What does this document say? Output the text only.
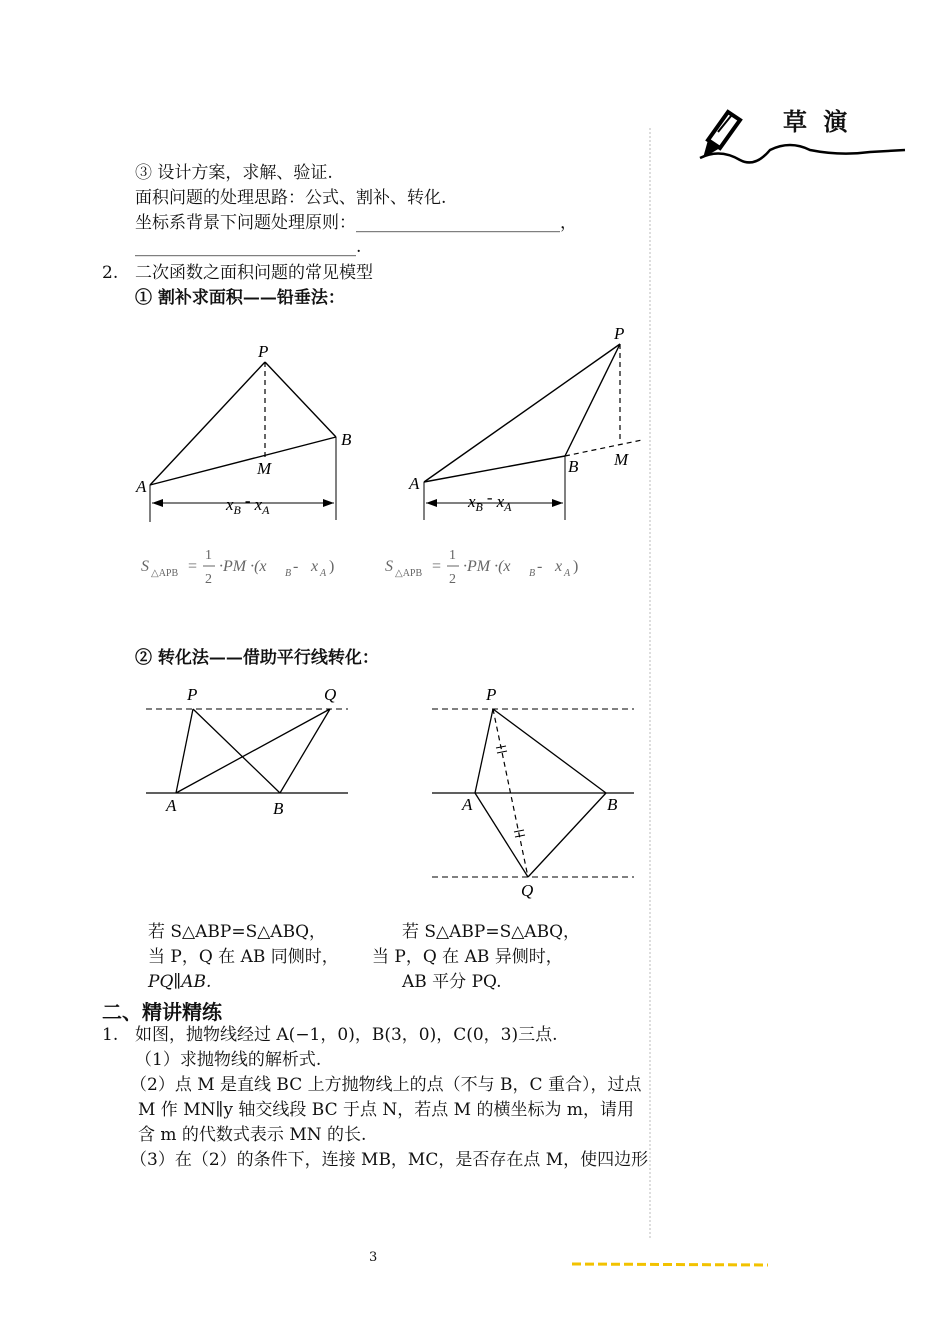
P
A
B
M
P
A
B M
$x_B - x_A$	$x_B - x_A$
S △APB =
1
2
·PM ·(x B - x A )	S △APB =
1
2
·PM ·(x B - x A )
P	Q
A	B
P
A	B
Q
草 演
③ 设计方案，求解、验证.
面积问题的处理思路：公式、割补、转化.
坐标系背景下问题处理原则：________________________，
__________________________.
2. 二次函数之面积问题的常见模型
① 割补求面积——铅垂法：
② 转化法——借助平行线转化：
若 S△ABP=S△ABQ，
当 P，Q 在 AB 同侧时，
PQ∥AB.
若 S△ABP=S△ABQ，
当 P，Q 在 AB 异侧时，
AB 平分 PQ.
二、精讲精练
1. 如图，抛物线经过 A(−1，0)，B(3，0)，C(0，3)三点.
（1）求抛物线的解析式.
（2）点 M 是直线 BC 上方抛物线上的点（不与 B，C 重合），过点
M 作 MN∥y 轴交线段 BC 于点 N，若点 M 的横坐标为 m，请用
含 m 的代数式表示 MN 的长.
（3）在（2）的条件下，连接 MB，MC，是否存在点 M，使四边形
3
